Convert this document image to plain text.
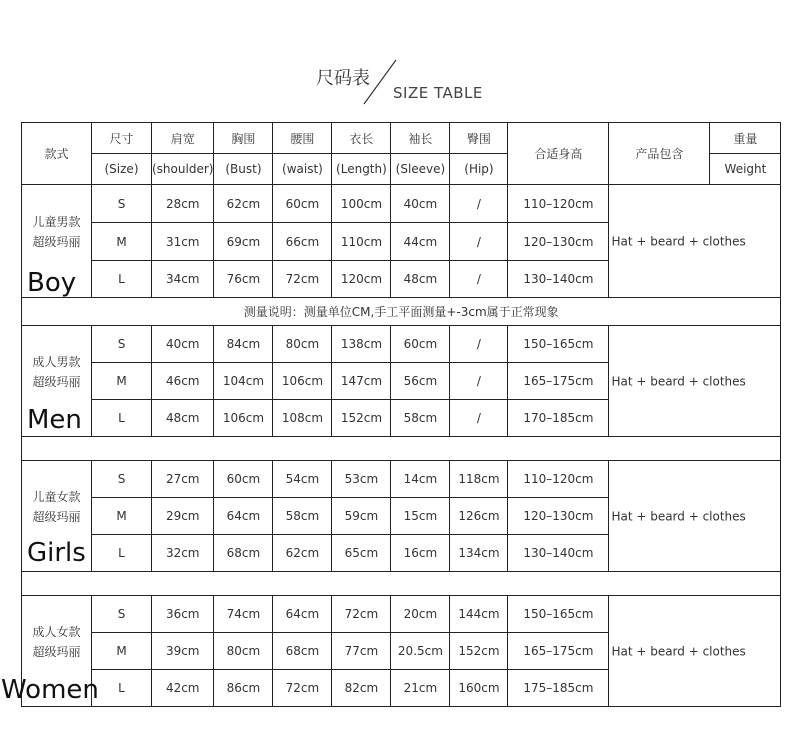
尺码表
SIZE TABLE
款式	尺寸	肩宽	胸围	腰围	衣长	袖长	臀围	合适身高	产品包含	重量
	(Size)	(shoulder)	(Bust)	(waist)	(Length)	(Sleeve)	(Hip)			Weight

儿童男款
超级玛丽
Boy	S	28cm	62cm	60cm	100cm	40cm	/	110–120cm	Hat + beard + clothes	

	M	31cm	69cm	66cm	110cm	44cm	/	120–130cm		
	L	34cm	76cm	72cm	120cm	48cm	/	130–140cm		
测量说明：测量单位CM,手工平面测量+-3cm属于正常现象										

成人男款
超级玛丽
Men	S	40cm	84cm	80cm	138cm	60cm	/	150–165cm	Hat + beard + clothes	

	M	46cm	104cm	106cm	147cm	56cm	/	165–175cm		
	L	48cm	106cm	108cm	152cm	58cm	/	170–185cm		

儿童女款
超级玛丽
Girls	S	27cm	60cm	54cm	53cm	14cm	118cm	110–120cm	Hat + beard + clothes	

	M	29cm	64cm	58cm	59cm	15cm	126cm	120–130cm		
	L	32cm	68cm	62cm	65cm	16cm	134cm	130–140cm		

成人女款
超级玛丽
Women	S	36cm	74cm	64cm	72cm	20cm	144cm	150–165cm	Hat + beard + clothes	

	M	39cm	80cm	68cm	77cm	20.5cm	152cm	165–175cm		
	L	42cm	86cm	72cm	82cm	21cm	160cm	175–185cm		
